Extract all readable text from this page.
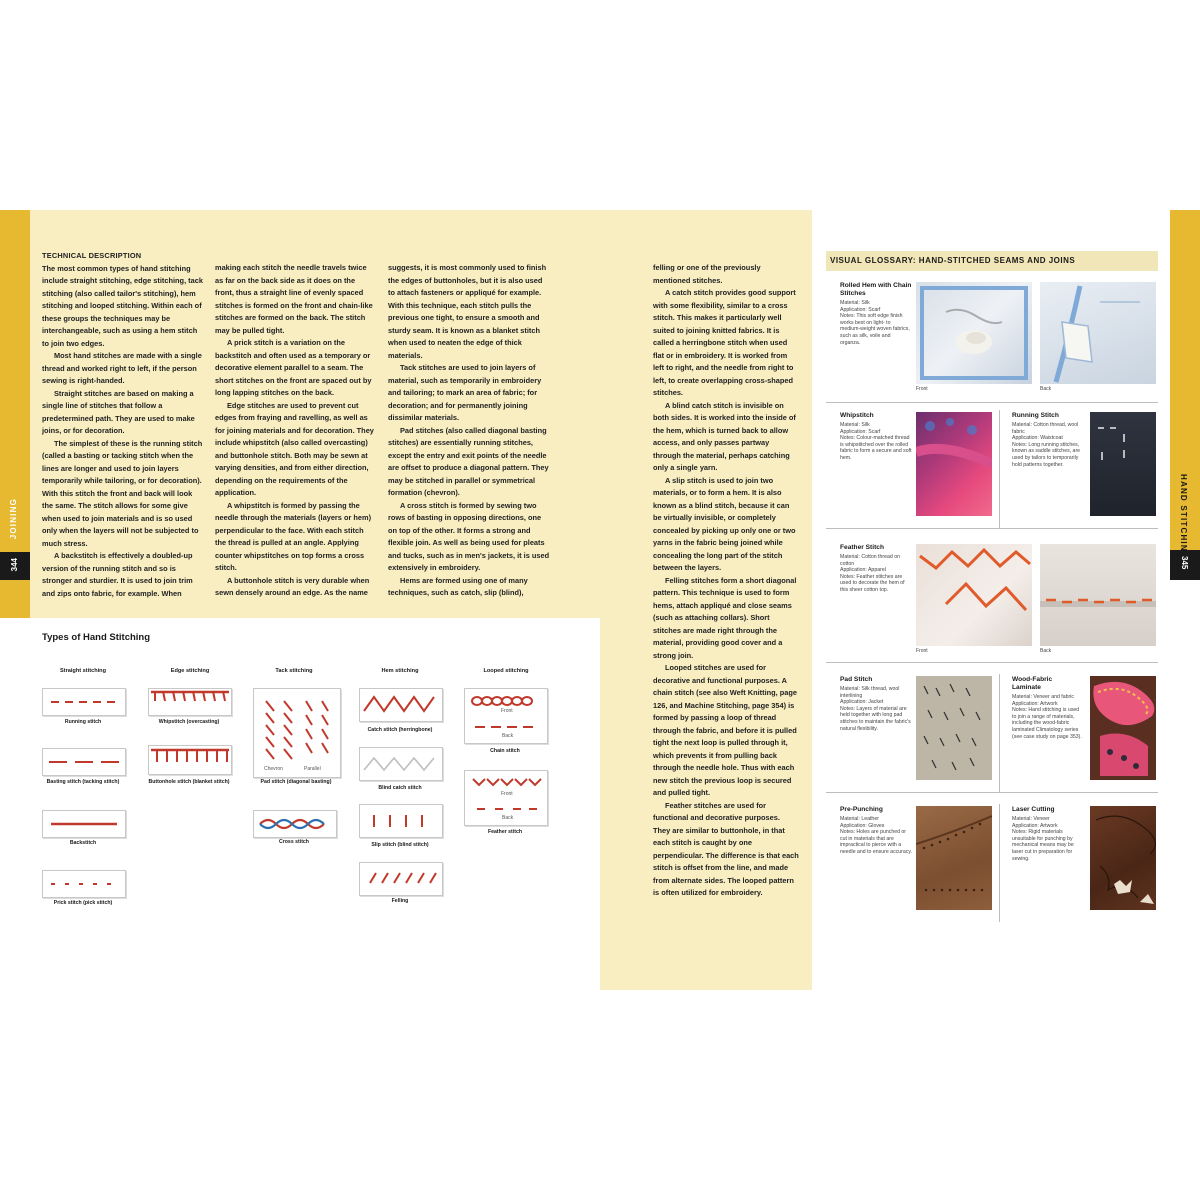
JOINING
344
HAND STITCHING
345
TECHNICAL DESCRIPTION

The most common types of hand stitching include straight stitching, edge stitching, tack stitching (also called tailor's stitching), hem stitching and looped stitching. Within each of these groups the techniques may be interchangeable, such as using a hem stitch to join two edges.

Most hand stitches are made with a single thread and worked right to left, if the person sewing is right-handed.

Straight stitches are based on making a single line of stitches that follow a predetermined path. They are used to make joins, or for decoration.

The simplest of these is the running stitch (called a basting or tacking stitch when the lines are longer and used to join layers temporarily while tailoring, or for decoration). With this stitch the front and back will look the same. The stitch allows for some give when used to join materials and is so used only when the layers will not be subjected to much stress.

A backstitch is effectively a doubled-up version of the running stitch and so is stronger and sturdier. It is used to join trim and zips onto fabric, for example. When

making each stitch the needle travels twice as far on the back side as it does on the front, thus a straight line of evenly spaced stitches is formed on the front and chain-like stitches are formed on the back. The stitch may be pulled tight.

A prick stitch is a variation on the backstitch and often used as a temporary or decorative element parallel to a seam. The short stitches on the front are spaced out by long lapping stitches on the back.

Edge stitches are used to prevent cut edges from fraying and ravelling, as well as for joining materials and for decoration. They include whipstitch (also called overcasting) and buttonhole stitch. Both may be sewn at varying densities, and from either direction, depending on the requirements of the application.

A whipstitch is formed by passing the needle through the materials (layers or hem) perpendicular to the face. With each stitch the thread is pulled at an angle. Applying counter whipstitches on top forms a cross stitch.

A buttonhole stitch is very durable when sewn densely around an edge. As the name

suggests, it is most commonly used to finish the edges of buttonholes, but it is also used to attach fasteners or appliqué for example. With this technique, each stitch pulls the previous one tight, to ensure a smooth and sturdy seam. It is known as a blanket stitch when used to neaten the edge of thick materials.

Tack stitches are used to join layers of material, such as temporarily in embroidery and tailoring; to mark an area of fabric; for decoration; and for permanently joining dissimilar materials.

Pad stitches (also called diagonal basting stitches) are essentially running stitches, except the entry and exit points of the needle are offset to produce a diagonal pattern. They may be stitched in parallel or symmetrical formation (chevron).

A cross stitch is formed by sewing two rows of basting in opposing directions, one on top of the other. It forms a strong and flexible join. As well as being used for pleats and tucks, such as in men's jackets, it is used extensively in embroidery.

Hems are formed using one of many techniques, such as catch, slip (blind),

felling or one of the previously mentioned stitches.

A catch stitch provides good support with some flexibility, similar to a cross stitch. This makes it particularly well suited to joining knitted fabrics. It is called a herringbone stitch when used flat or in embroidery. It is worked from left to right, and the needle from right to left, to create overlapping cross-shaped stitches.

A blind catch stitch is invisible on both sides. It is worked into the inside of the hem, which is turned back to allow access, and only passes partway through the material, perhaps catching only a single yarn.

A slip stitch is used to join two materials, or to form a hem. It is also known as a blind stitch, because it can be virtually invisible, or completely concealed by picking up only one or two yarns in the fabric being joined while concealing the long part of the stitch between the layers.

Felling stitches form a short diagonal pattern. This technique is used to form hems, attach appliqué and close seams (such as attaching collars). Short stitches are made right through the material, providing good cover and a strong join.

Looped stitches are used for decorative and functional purposes. A chain stitch (see also Weft Knitting, page 126, and Machine Stitching, page 354) is formed by passing a loop of thread through the fabric, and before it is pulled tight the next loop is pulled through it, which prevents it from pulling back through the needle hole. Thus with each new stitch the previous loop is secured and pulled tight.

Feather stitches are used for functional and decorative purposes. They are similar to buttonhole, in that each stitch is caught by one perpendicular. The difference is that each stitch is offset from the line, and made from alternate sides. The looped pattern is often utilized for embroidery.

Types of Hand Stitching
Straight stitching	Edge stitching	Tack stitching	Hem stitching	Looped stitching
Running stitch
Basting stitch (tacking stitch)
Backstitch
Prick stitch (pick stitch)
Whipstitch (overcasting)
Buttonhole stitch (blanket stitch)
Chevron	Parallel
Pad stitch (diagonal basting)
Cross stitch
Catch stitch (herringbone)
Blind catch stitch
Slip stitch (blind stitch)
Felling
Front
Back
Chain stitch
Front
Back
Feather stitch
VISUAL GLOSSARY: HAND-STITCHED SEAMS AND JOINS
Rolled Hem with Chain Stitches
Material: Silk
Application: Scarf
Notes: This soft edge finish works best on light- to medium-weight woven fabrics, such as silk, voile and organza.
Front	Back
Whipstitch
Material: Silk
Application: Scarf
Notes: Colour-matched thread is whipstitched over the rolled fabric to form a secure and soft hem.
Running Stitch
Material: Cotton thread, wool fabric
Application: Waistcoat
Notes: Long running stitches, known as saddle stitches, are used by tailors to temporarily hold patterns together.
Feather Stitch
Material: Cotton thread on cotton
Application: Apparel
Notes: Feather stitches are used to decorate the hem of this sheer cotton top.
Front	Back
Pad Stitch
Material: Silk thread, wool interlining
Application: Jacket
Notes: Layers of material are held together with long pad stitches to maintain the fabric's natural flexibility.
Wood-Fabric Laminate
Material: Veneer and fabric
Application: Artwork
Notes: Hand stitching is used to join a range of materials, including the wood-fabric laminated Climatology series (see case study on page 353).
Pre-Punching
Material: Leather
Application: Gloves
Notes: Holes are punched or cut in materials that are impractical to pierce with a needle and to ensure accuracy.
Laser Cutting
Material: Veneer
Application: Artwork
Notes: Rigid materials unsuitable for punching by mechanical means may be laser cut in preparation for sewing.
